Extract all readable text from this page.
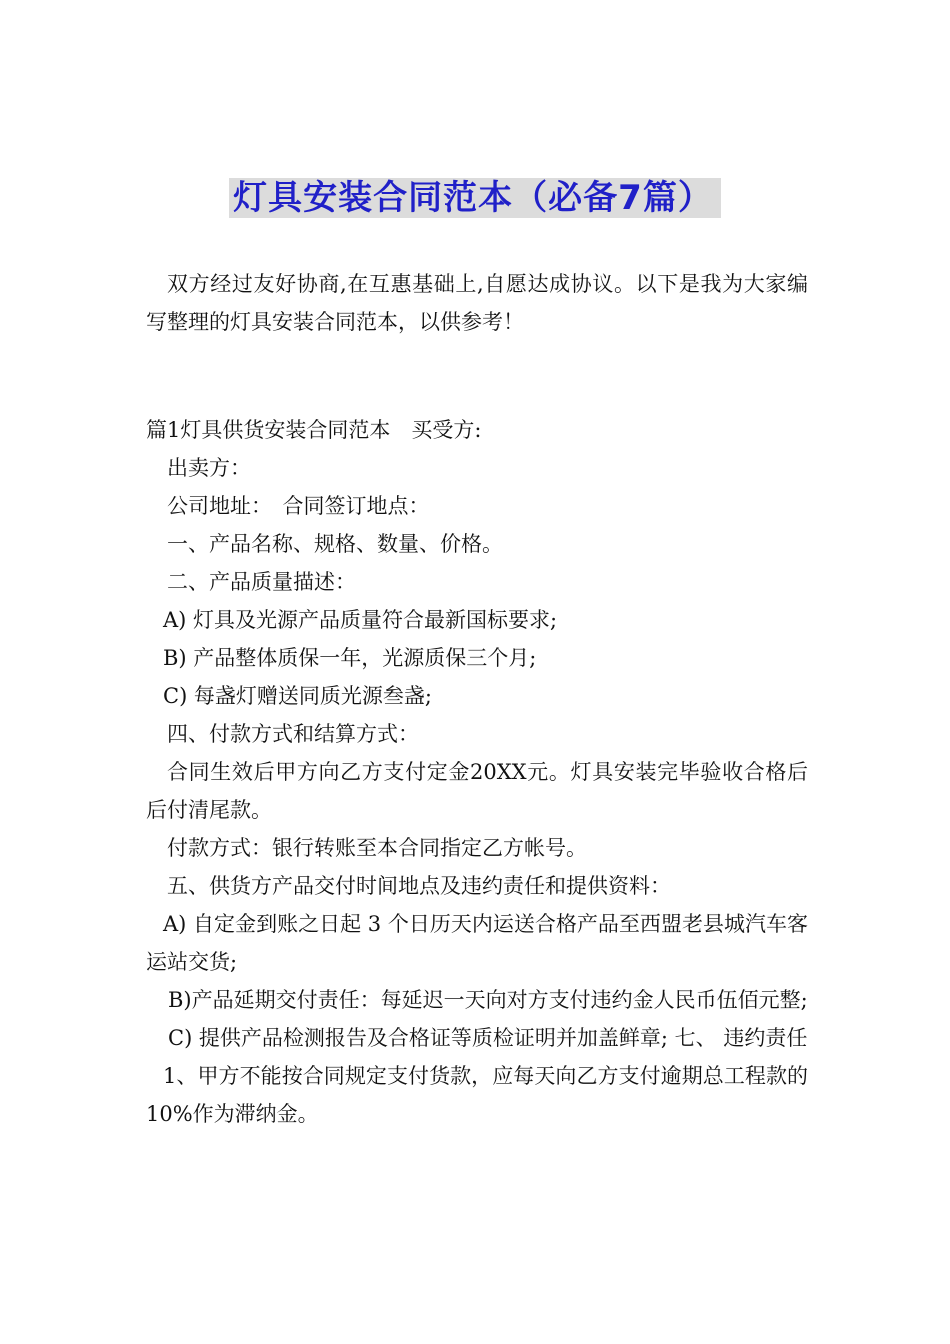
灯具安装合同范本（必备7篇）

双方经过友好协商,在互惠基础上,自愿达成协议。以下是我为大家编写整理的灯具安装合同范本，以供参考！

篇1灯具供货安装合同范本　买受方:

出卖方：

公司地址：　合同签订地点：

一、产品名称、规格、数量、价格。

二、产品质量描述：

A) 灯具及光源产品质量符合最新国标要求;

B) 产品整体质保一年，光源质保三个月;

C) 每盏灯赠送同质光源叁盏;

四、付款方式和结算方式：

合同生效后甲方向乙方支付定金20XX元。灯具安装完毕验收合格后后付清尾款。

付款方式：银行转账至本合同指定乙方帐号。

五、供货方产品交付时间地点及违约责任和提供资料：

A) 自定金到账之日起 3 个日历天内运送合格产品至西盟老县城汽车客运站交货;

B)产品延期交付责任：每延迟一天向对方支付违约金人民币伍佰元整;

C) 提供产品检测报告及合格证等质检证明并加盖鲜章; 七、 违约责任

1、甲方不能按合同规定支付货款，应每天向乙方支付逾期总工程款的10%作为滞纳金。
